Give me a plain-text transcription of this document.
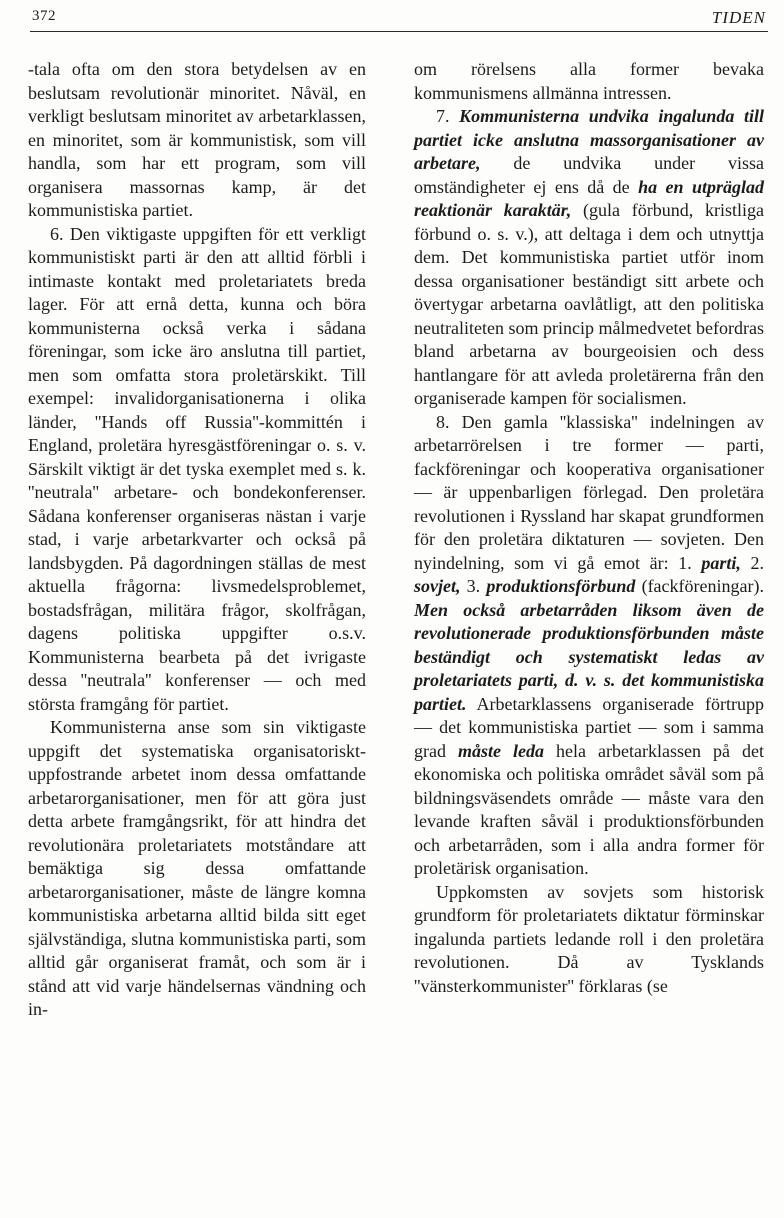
372	TIDEN

-tala ofta om den stora betydelsen av en beslutsam revolutionär minoritet. Nåväl, en verkligt beslutsam minoritet av arbetarklassen, en minoritet, som är kommunistisk, som vill handla, som har ett program, som vill organisera massornas kamp, är det kommunistiska partiet.

6. Den viktigaste uppgiften för ett verkligt kommunistiskt parti är den att alltid förbli i intimaste kontakt med proletariatets breda lager. För att ernå detta, kunna och böra kommunisterna också verka i sådana föreningar, som icke äro anslutna till partiet, men som omfatta stora proletärskikt. Till exempel: invalidorganisationerna i olika länder, ''Hands off Russia''-kommittén i England, proletära hyresgästföreningar o. s. v. Särskilt viktigt är det tyska exemplet med s. k. ''neutrala'' arbetare- och bondekonferenser. Sådana konferenser organiseras nästan i varje stad, i varje arbetarkvarter och också på landsbygden. På dagordningen ställas de mest aktuella frågorna: livsmedelsproblemet, bostadsfrågan, militära frågor, skolfrågan, dagens politiska uppgifter o.s.v. Kommunisterna bearbeta på det ivrigaste dessa ''neutrala'' konferenser — och med största framgång för partiet.

Kommunisterna anse som sin viktigaste uppgift det systematiska organisatoriskt-uppfostrande arbetet inom dessa omfattande arbetarorganisationer, men för att göra just detta arbete framgångsrikt, för att hindra det revolutionära proletariatets motståndare att bemäktiga sig dessa omfattande arbetarorganisationer, måste de längre komna kommunistiska arbetarna alltid bilda sitt eget självständiga, slutna kommunistiska parti, som alltid går organiserat framåt, och som är i stånd att vid varje händelsernas vändning och in-

om rörelsens alla former bevaka kommunismens allmänna intressen.

7. Kommunisterna undvika ingalunda till partiet icke anslutna massorganisationer av arbetare, de undvika under vissa omständigheter ej ens då de ha en utpräglad reaktionär karaktär, (gula förbund, kristliga förbund o. s. v.), att deltaga i dem och utnyttja dem. Det kommunistiska partiet utför inom dessa organisationer beständigt sitt arbete och övertygar arbetarna oavlåtligt, att den politiska neutraliteten som princip målmedvetet befordras bland arbetarna av bourgeoisien och dess hantlangare för att avleda proletärerna från den organiserade kampen för socialismen.

8. Den gamla ''klassiska'' indelningen av arbetarrörelsen i tre former — parti, fackföreningar och kooperativa organisationer — är uppenbarligen förlegad. Den proletära revolutionen i Ryssland har skapat grundformen för den proletära diktaturen — sovjeten. Den nyindelning, som vi gå emot är: 1. parti, 2. sovjet, 3. produktionsförbund (fackföreningar). Men också arbetarråden liksom även de revolutionerade produktionsförbunden måste beständigt och systematiskt ledas av proletariatets parti, d. v. s. det kommunistiska partiet. Arbetarklassens organiserade förtrupp — det kommunistiska partiet — som i samma grad måste leda hela arbetarklassen på det ekonomiska och politiska området såväl som på bildningsväsendets område — måste vara den levande kraften såväl i produktionsförbunden och arbetarråden, som i alla andra former för proletärisk organisation.

Uppkomsten av sovjets som historisk grundform för proletariatets diktatur förminskar ingalunda partiets ledande roll i den proletära revolutionen. Då av Tysklands ''vänsterkommunister'' förklaras (se
